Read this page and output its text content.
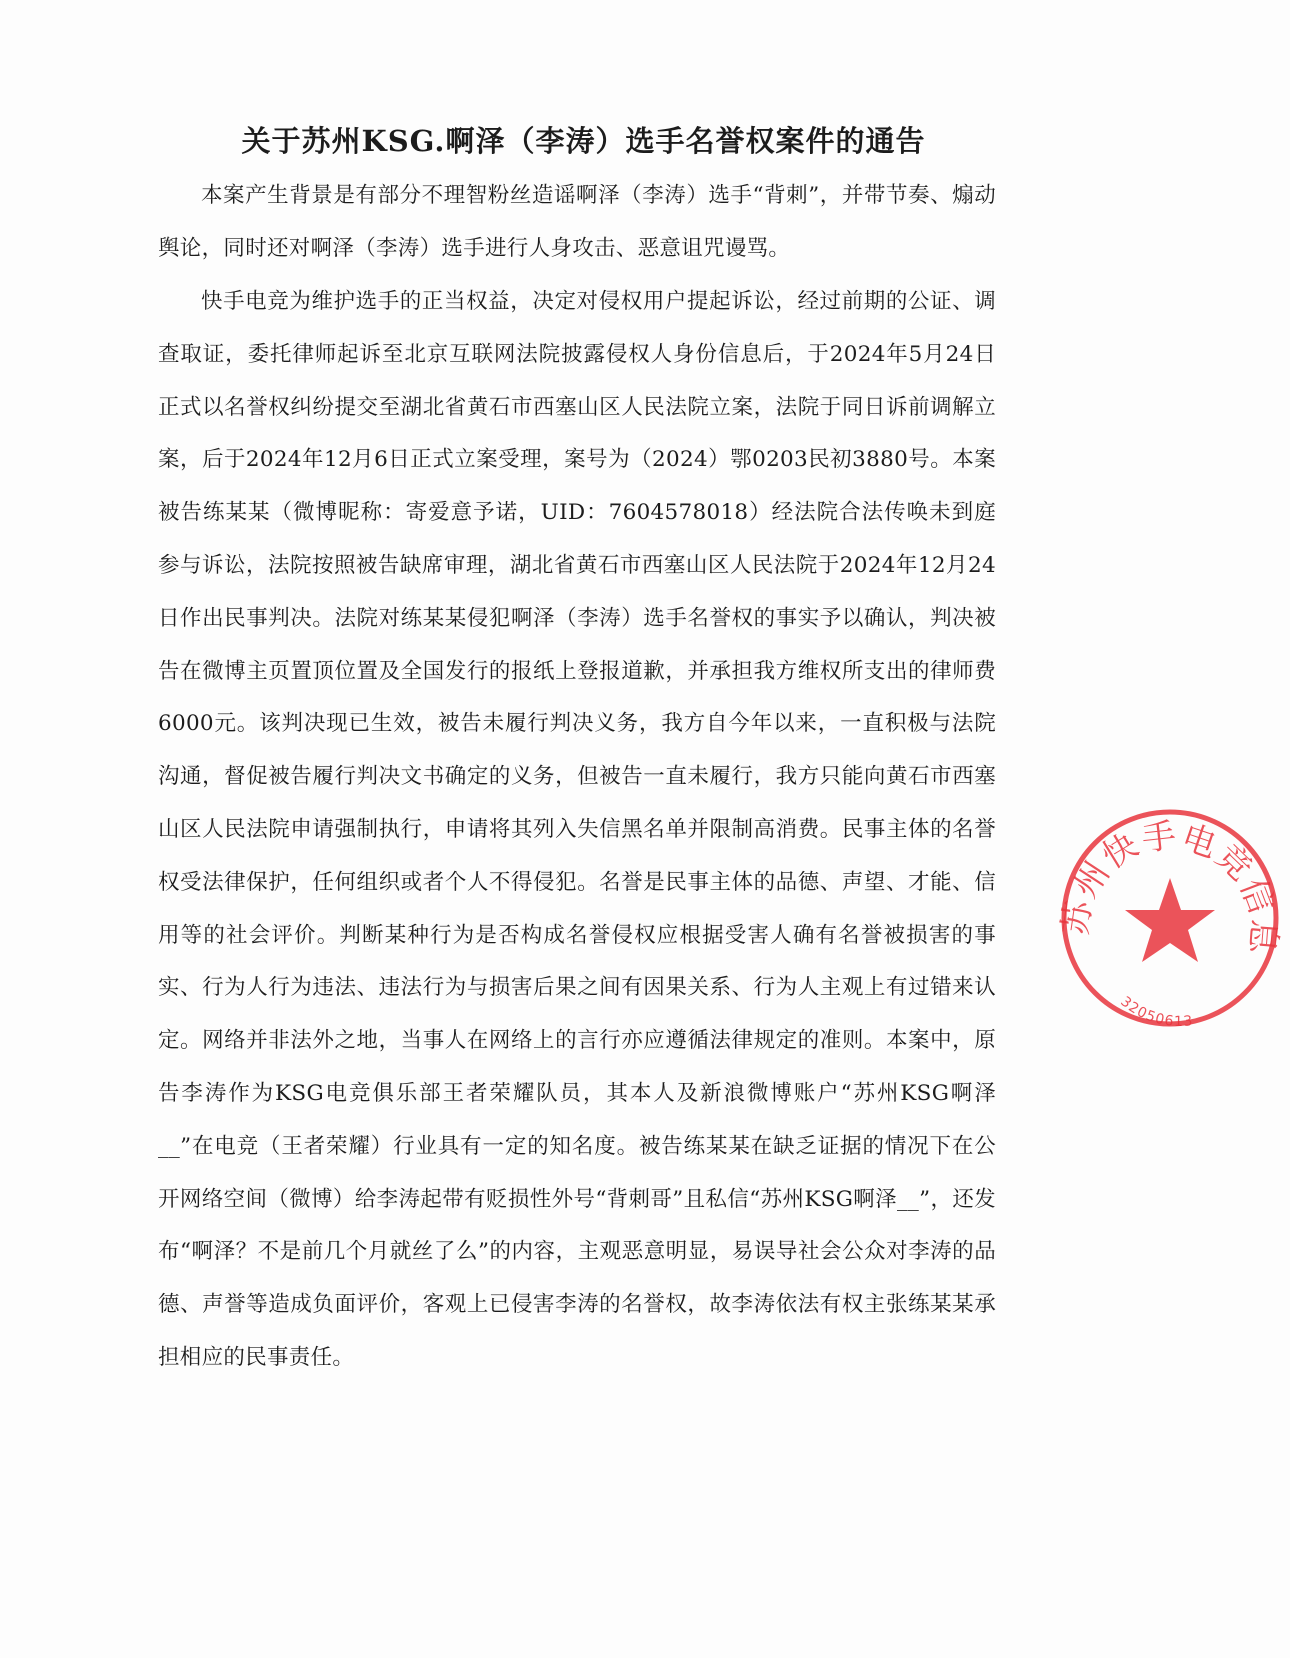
关于苏州KSG.啊泽（李涛）选手名誉权案件的通告

本案产生背景是有部分不理智粉丝造谣啊泽（李涛）选手“背刺”，并带节奏、煽动舆论，同时还对啊泽（李涛）选手进行人身攻击、恶意诅咒谩骂。

快手电竞为维护选手的正当权益，决定对侵权用户提起诉讼，经过前期的公证、调查取证，委托律师起诉至北京互联网法院披露侵权人身份信息后，于2024年5月24日正式以名誉权纠纷提交至湖北省黄石市西塞山区人民法院立案，法院于同日诉前调解立案，后于2024年12月6日正式立案受理，案号为（2024）鄂0203民初3880号。本案被告练某某（微博昵称：寄爱意予诺，UID：7604578018）经法院合法传唤未到庭参与诉讼，法院按照被告缺席审理，湖北省黄石市西塞山区人民法院于2024年12月24日作出民事判决。法院对练某某侵犯啊泽（李涛）选手名誉权的事实予以确认，判决被告在微博主页置顶位置及全国发行的报纸上登报道歉，并承担我方维权所支出的律师费6000元。该判决现已生效，被告未履行判决义务，我方自今年以来，一直积极与法院沟通，督促被告履行判决文书确定的义务，但被告一直未履行，我方只能向黄石市西塞山区人民法院申请强制执行，申请将其列入失信黑名单并限制高消费。民事主体的名誉权受法律保护，任何组织或者个人不得侵犯。名誉是民事主体的品德、声望、才能、信用等的社会评价。判断某种行为是否构成名誉侵权应根据受害人确有名誉被损害的事实、行为人行为违法、违法行为与损害后果之间有因果关系、行为人主观上有过错来认定。网络并非法外之地，当事人在网络上的言行亦应遵循法律规定的准则。本案中，原告李涛作为KSG电竞俱乐部王者荣耀队员，其本人及新浪微博账户“苏州KSG啊泽__”在电竞（王者荣耀）行业具有一定的知名度。被告练某某在缺乏证据的情况下在公开网络空间（微博）给李涛起带有贬损性外号“背刺哥”且私信“苏州KSG啊泽__”，还发布“啊泽？不是前几个月就丝了么”的内容，主观恶意明显，易误导社会公众对李涛的品德、声誉等造成负面评价，客观上已侵害李涛的名誉权，故李涛依法有权主张练某某承担相应的民事责任。

苏州快手电竞信息
32050613
